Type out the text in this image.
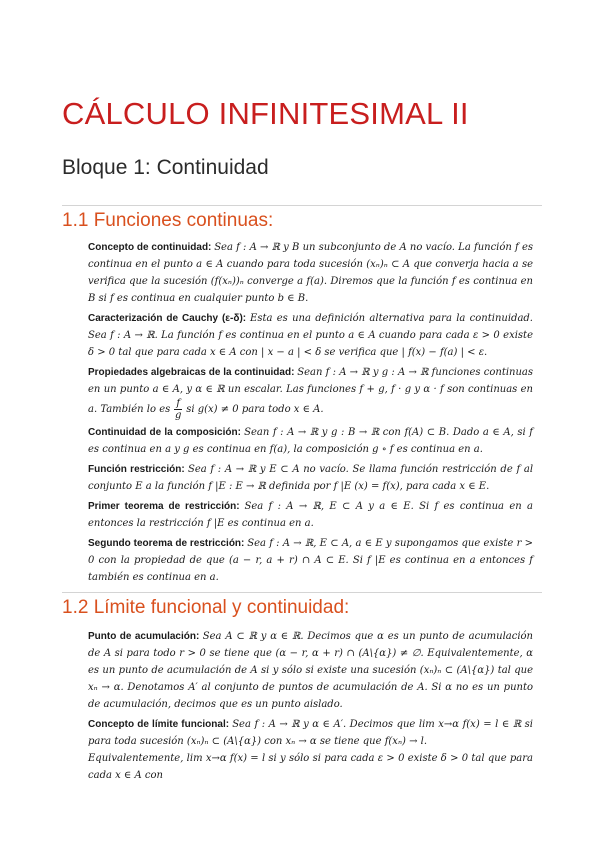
CÁLCULO INFINITESIMAL II
Bloque 1: Continuidad
1.1 Funciones continuas:

Concepto de continuidad: Sea f : A → ℝ y B un subconjunto de A no vacío. La función f es continua en el punto a ∈ A cuando para toda sucesión (xₙ)ₙ ⊂ A que converja hacia a se verifica que la sucesión (f(xₙ))ₙ converge a f(a). Diremos que la función f es continua en B si f es continua en cualquier punto b ∈ B.

Caracterización de Cauchy (ε-δ): Esta es una definición alternativa para la continuidad. Sea f : A → ℝ. La función f es continua en el punto a ∈ A cuando para cada ε > 0 existe δ > 0 tal que para cada x ∈ A con | x − a | < δ se verifica que | f(x) − f(a) | < ε.

Propiedades algebraicas de la continuidad: Sean f : A → ℝ y g : A → ℝ funciones continuas en un punto a ∈ A, y α ∈ ℝ un escalar. Las funciones f + g, f · g y α · f son continuas en a. También lo es $\frac{f}{g}$ si g(x) ≠ 0 para todo x ∈ A.

Continuidad de la composición: Sean f : A → ℝ y g : B → ℝ con f(A) ⊂ B. Dado a ∈ A, si f es continua en a y g es continua en f(a), la composición g ∘ f es continua en a.

Función restricción: Sea f : A → ℝ y E ⊂ A no vacío. Se llama función restricción de f al conjunto E a la función f |E : E → ℝ definida por f |E (x) = f(x), para cada x ∈ E.

Primer teorema de restricción: Sea f : A → ℝ, E ⊂ A y a ∈ E. Si f es continua en a entonces la restricción f |E es continua en a.

Segundo teorema de restricción: Sea f : A → ℝ, E ⊂ A, a ∈ E y supongamos que existe r > 0 con la propiedad de que (a − r, a + r) ∩ A ⊂ E. Si f |E es continua en a entonces f también es continua en a.

1.2 Límite funcional y continuidad:

Punto de acumulación: Sea A ⊂ ℝ y α ∈ ℝ. Decimos que α es un punto de acumulación de A si para todo r > 0 se tiene que (α − r, α + r) ∩ (A\{α}) ≠ ∅. Equivalentemente, α es un punto de acumulación de A si y sólo si existe una sucesión (xₙ)ₙ ⊂ (A\{α}) tal que xₙ → α. Denotamos A′ al conjunto de puntos de acumulación de A. Si α no es un punto de acumulación, decimos que es un punto aislado.

Concepto de límite funcional: Sea f : A → ℝ y α ∈ A′. Decimos que lim x→α f(x) = l ∈ ℝ si para toda sucesión (xₙ)ₙ ⊂ (A\{α}) con xₙ → α se tiene que f(xₙ) → l.
Equivalentemente, lim x→α f(x) = l si y sólo si para cada ε > 0 existe δ > 0 tal que para cada x ∈ A con
